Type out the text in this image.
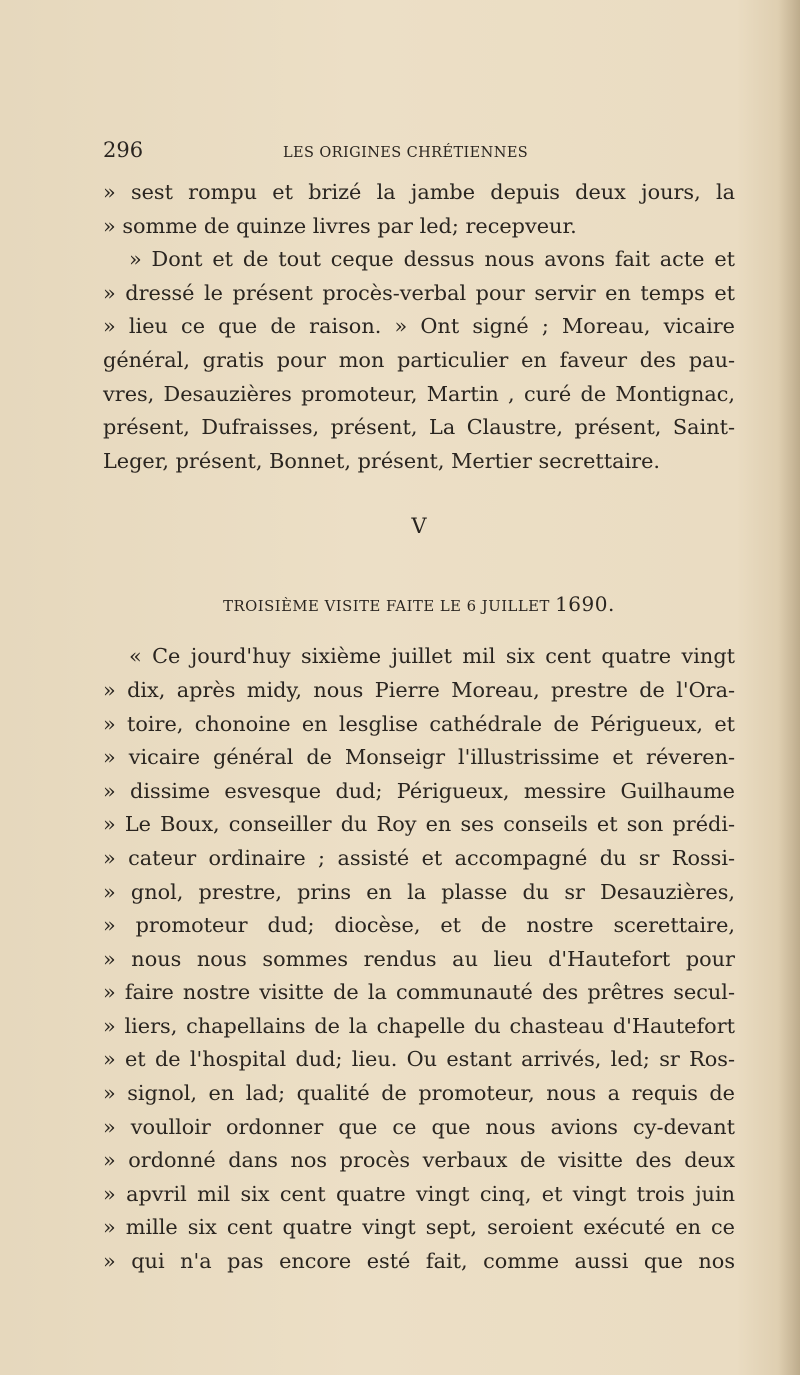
296	LES ORIGINES CHRÉTIENNES
» sest rompu et brizé la jambe depuis deux jours, la
» somme de quinze livres par led; recepveur.
» Dont et de tout ceque dessus nous avons fait acte et
» dressé le présent procès-verbal pour servir en temps et
» lieu ce que de raison. » Ont signé ; Moreau, vicaire
général, gratis pour mon particulier en faveur des pau-
vres, Desauzières promoteur, Martin , curé de Montignac,
présent, Dufraisses, présent, La Claustre, présent, Saint-
Leger, présent, Bonnet, présent, Mertier secrettaire.
V
TROISIÈME VISITE FAITE LE 6 JUILLET 1690.
« Ce jourd'huy sixième juillet mil six cent quatre vingt
» dix, après midy, nous Pierre Moreau, prestre de l'Ora-
» toire, chonoine en lesglise cathédrale de Périgueux, et
» vicaire général de Monseigr l'illustrissime et réveren-
» dissime esvesque dud; Périgueux, messire Guilhaume
» Le Boux, conseiller du Roy en ses conseils et son prédi-
» cateur ordinaire ; assisté et accompagné du sr Rossi-
» gnol, prestre, prins en la plasse du sr Desauzières,
» promoteur dud; diocèse, et de nostre scerettaire,
» nous nous sommes rendus au lieu d'Hautefort pour
» faire nostre visitte de la communauté des prêtres secul-
» liers, chapellains de la chapelle du chasteau d'Hautefort
» et de l'hospital dud; lieu. Ou estant arrivés, led; sr Ros-
» signol, en lad; qualité de promoteur, nous a requis de
» voulloir ordonner que ce que nous avions cy-devant
» ordonné dans nos procès verbaux de visitte des deux
» apvril mil six cent quatre vingt cinq, et vingt trois juin
» mille six cent quatre vingt sept, seroient exécuté en ce
» qui n'a pas encore esté fait, comme aussi que nos
